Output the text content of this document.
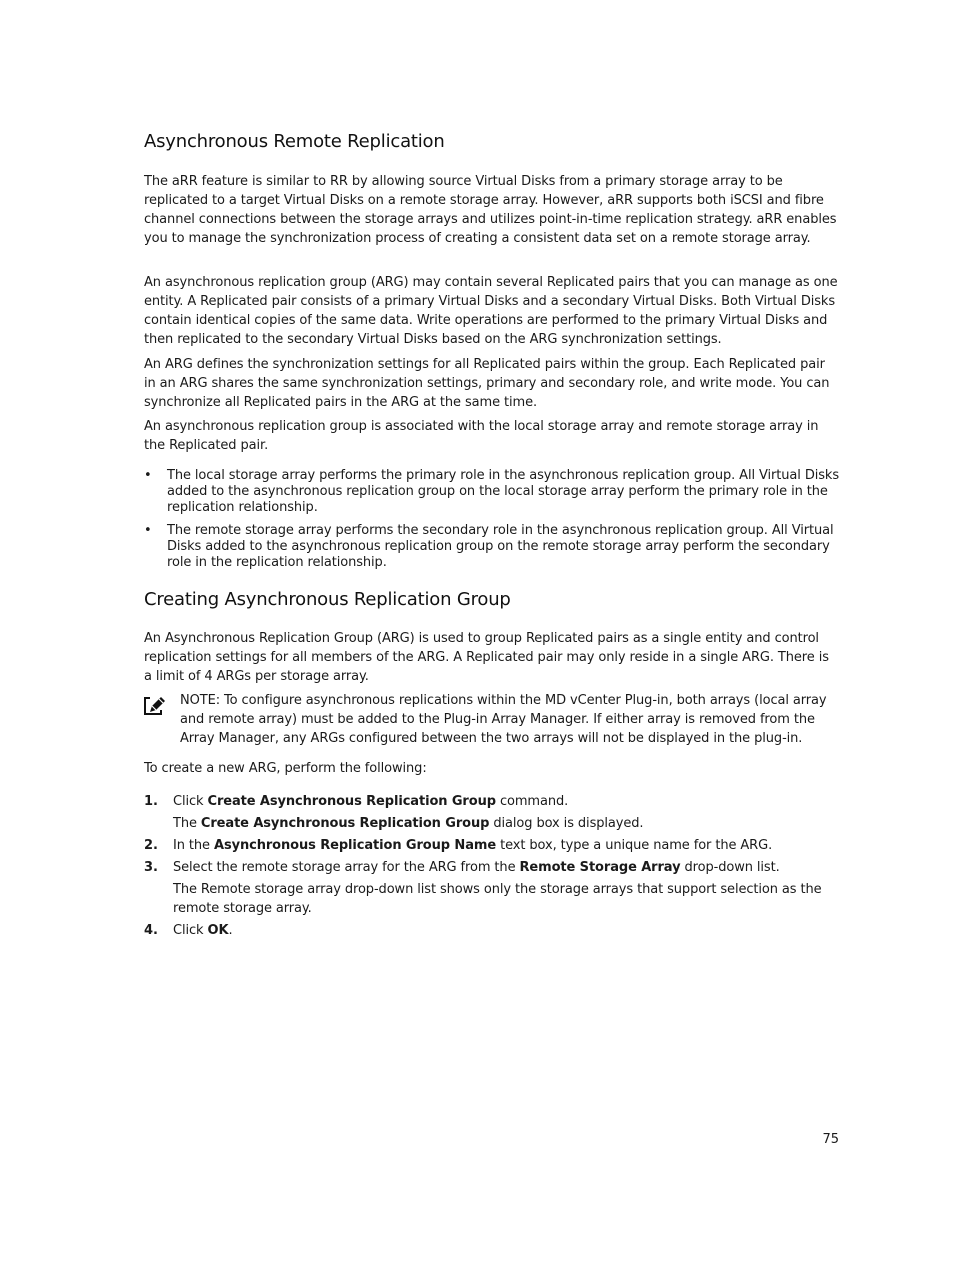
Asynchronous Remote Replication

The aRR feature is similar to RR by allowing source Virtual Disks from a primary storage array to be replicated to a target Virtual Disks on a remote storage array. However, aRR supports both iSCSI and fibre channel connections between the storage arrays and utilizes point-in-time replication strategy. aRR enables you to manage the synchronization process of creating a consistent data set on a remote storage array.

An asynchronous replication group (ARG) may contain several Replicated pairs that you can manage as one entity. A Replicated pair consists of a primary Virtual Disks and a secondary Virtual Disks. Both Virtual Disks contain identical copies of the same data. Write operations are performed to the primary Virtual Disks and then replicated to the secondary Virtual Disks based on the ARG synchronization settings.

An ARG defines the synchronization settings for all Replicated pairs within the group. Each Replicated pair in an ARG shares the same synchronization settings, primary and secondary role, and write mode. You can synchronize all Replicated pairs in the ARG at the same time.

An asynchronous replication group is associated with the local storage array and remote storage array in the Replicated pair.

• The local storage array performs the primary role in the asynchronous replication group. All Virtual Disks added to the asynchronous replication group on the local storage array perform the primary role in the replication relationship.
• The remote storage array performs the secondary role in the asynchronous replication group. All Virtual Disks added to the asynchronous replication group on the remote storage array perform the secondary role in the replication relationship.
Creating Asynchronous Replication Group

An Asynchronous Replication Group (ARG) is used to group Replicated pairs as a single entity and control replication settings for all members of the ARG. A Replicated pair may only reside in a single ARG. There is a limit of 4 ARGs per storage array.

NOTE: To configure asynchronous replications within the MD vCenter Plug-in, both arrays (local array and remote array) must be added to the Plug-in Array Manager. If either array is removed from the Array Manager, any ARGs configured between the two arrays will not be displayed in the plug-in.

To create a new ARG, perform the following:

1. Click Create Asynchronous Replication Group command.
The Create Asynchronous Replication Group dialog box is displayed.
2. In the Asynchronous Replication Group Name text box, type a unique name for the ARG.
3. Select the remote storage array for the ARG from the Remote Storage Array drop-down list.
The Remote storage array drop-down list shows only the storage arrays that support selection as the remote storage array.
4. Click OK.
75
